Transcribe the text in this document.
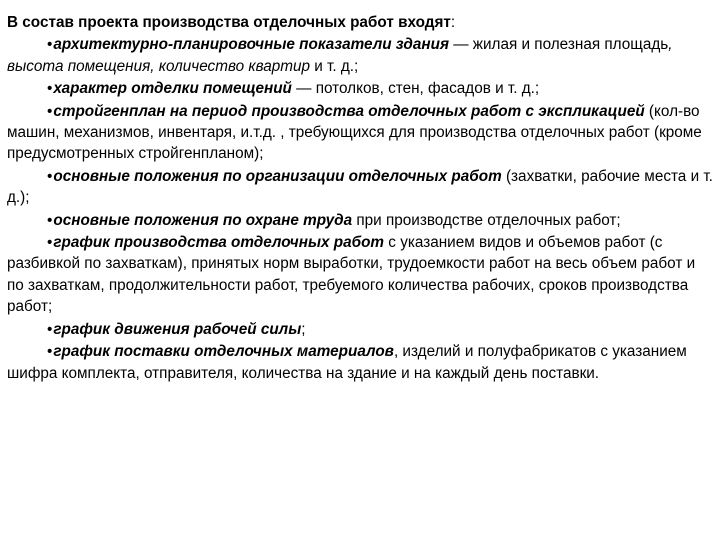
В состав проекта производства отделочных работ входят:

•архитектурно-планировочные показатели здания — жилая и полезная площадь, высота помещения, количество квартир и т. д.;
•характер отделки помещений — потолков, стен, фасадов и т. д.;
•стройгенплан на период производства отделочных работ с экспликацией (кол-во машин, механизмов, инвентаря, и.т.д. , требующихся для производства отделочных работ (кроме предусмотренных стройгенпланом);
•основные положения по организации отделочных работ (захватки, рабочие места и т. д.);
•основные положения по охране труда при производстве отделочных работ;
•график производства отделочных работ с указанием видов и объемов работ (с разбивкой по захваткам), принятых норм выработки, трудоемкости работ на весь объем работ и по захваткам, продолжительности работ, требуемого количества рабочих, сроков производства работ;
•график движения рабочей силы;
•график поставки отделочных материалов, изделий и полуфабрикатов с указанием шифра комплекта, отправителя, количества на здание и на каждый день поставки.
